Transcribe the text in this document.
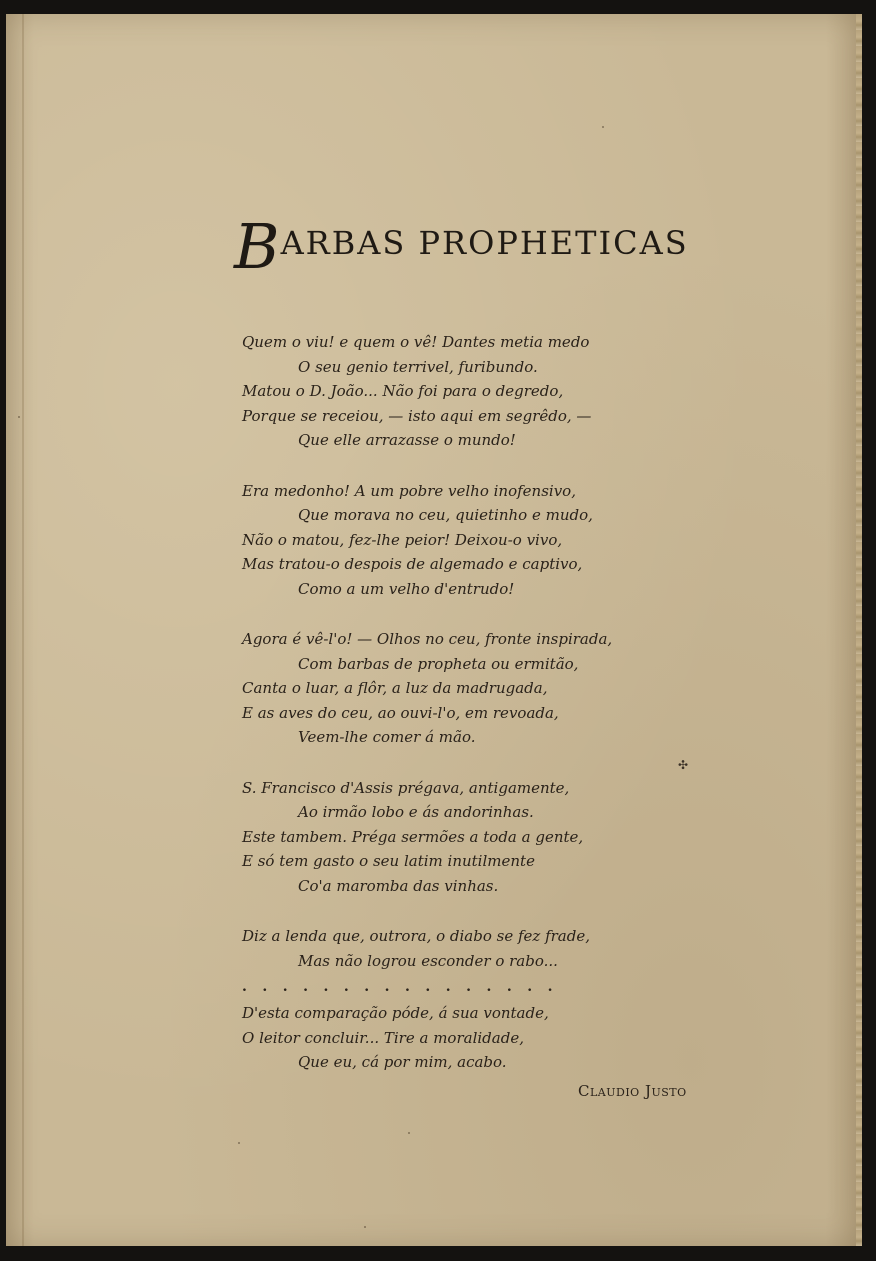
BARBAS PROPHETICAS
Quem o viu! e quem o vê! Dantes metia medo
O seu genio terrivel, furibundo.
Matou o D. João... Não foi para o degredo,
Porque se receiou, — isto aqui em segrêdo, —
Que elle arrazasse o mundo!
Era medonho! A um pobre velho inofensivo,
Que morava no ceu, quietinho e mudo,
Não o matou, fez-lhe peior! Deixou-o vivo,
Mas tratou-o despois de algemado e captivo,
Como a um velho d'entrudo!
Agora é vê-l'o! — Olhos no ceu, fronte inspirada,
Com barbas de propheta ou ermitão,
Canta o luar, a flôr, a luz da madrugada,
E as aves do ceu, ao ouvi-l'o, em revoada,
Veem-lhe comer á mão.
S. Francisco d'Assis prégava, antigamente,
Ao irmão lobo e ás andorinhas.
Este tambem. Préga sermões a toda a gente,
E só tem gasto o seu latim inutilmente
Co'a maromba das vinhas.
Diz a lenda que, outrora, o diabo se fez frade,
Mas não logrou esconder o rabo...
................
D'esta comparação póde, á sua vontade,
O leitor concluir... Tire a moralidade,
Que eu, cá por mim, acabo.
Claudio Justo
✣
